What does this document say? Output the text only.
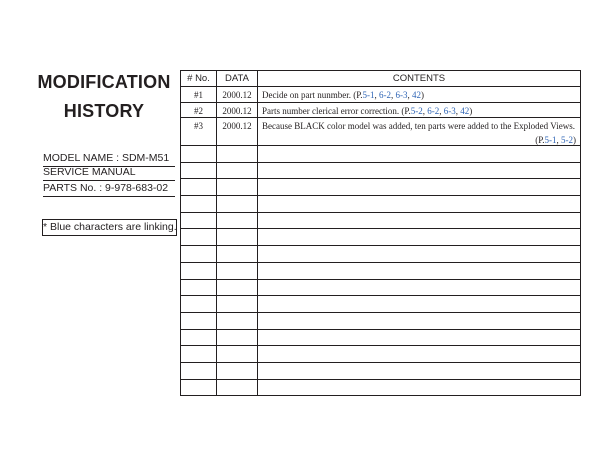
MODIFICATION
HISTORY
MODEL NAME : SDM-M51
SERVICE MANUAL
PARTS No. : 9-978-683-02
* Blue characters are linking.
# No.	DATA	CONTENTS
#1	2000.12	Decide on part nunmber. (P.5-1, 6-2, 6-3, 42)
#2	2000.12	Parts number clerical error correction. (P.5-2, 6-2, 6-3, 42)
#3	2000.12	Because BLACK color model was added, ten parts were added to the Exploded Views.
(P.5-1, 5-2)
